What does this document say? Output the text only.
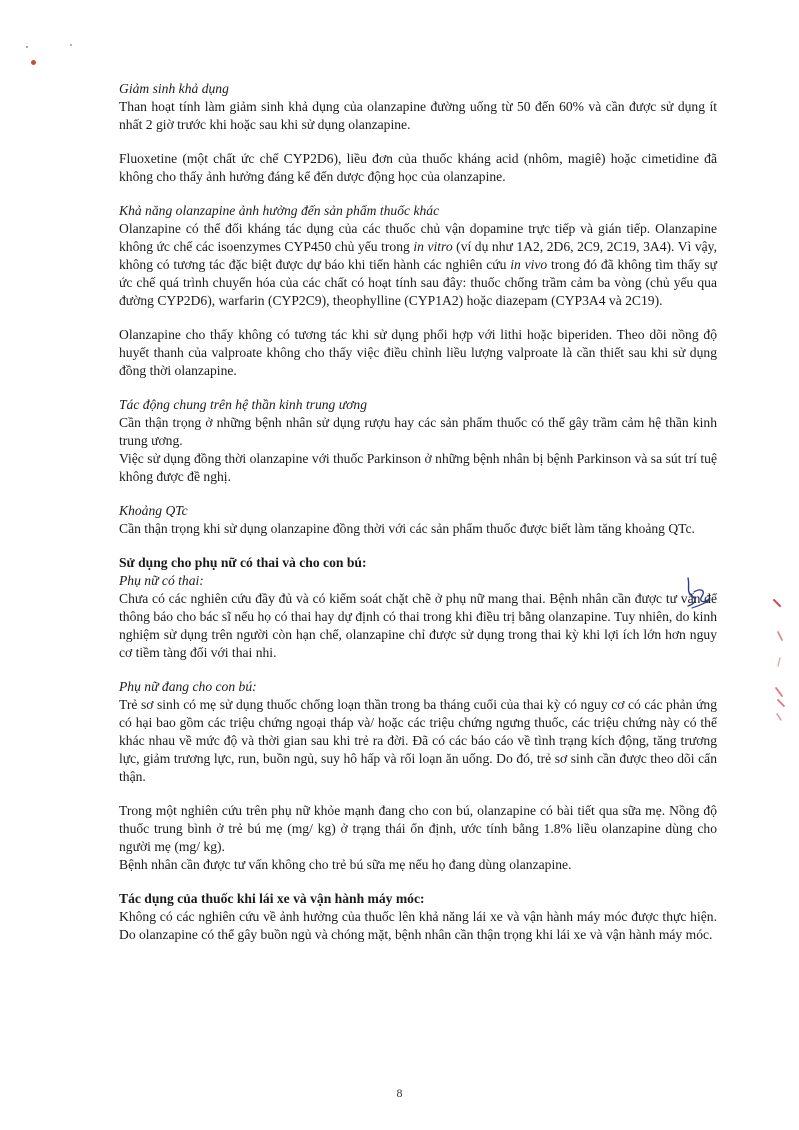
Giảm sinh khả dụng

Than hoạt tính làm giảm sinh khả dụng của olanzapine đường uống từ 50 đến 60% và cần được sử dụng ít nhất 2 giờ trước khi hoặc sau khi sử dụng olanzapine.

Fluoxetine (một chất ức chế CYP2D6), liều đơn của thuốc kháng acid (nhôm, magiê) hoặc cimetidine đã không cho thấy ảnh hưởng đáng kể đến dược động học của olanzapine.

Khả năng olanzapine ảnh hưởng đến sản phẩm thuốc khác

Olanzapine có thể đối kháng tác dụng của các thuốc chủ vận dopamine trực tiếp và gián tiếp. Olanzapine không ức chế các isoenzymes CYP450 chủ yếu trong in vitro (ví dụ như 1A2, 2D6, 2C9, 2C19, 3A4). Vì vậy, không có tương tác đặc biệt được dự báo khi tiến hành các nghiên cứu in vivo trong đó đã không tìm thấy sự ức chế quá trình chuyển hóa của các chất có hoạt tính sau đây: thuốc chống trầm cảm ba vòng (chủ yếu qua đường CYP2D6), warfarin (CYP2C9), theophylline (CYP1A2) hoặc diazepam (CYP3A4 và 2C19).

Olanzapine cho thấy không có tương tác khi sử dụng phối hợp với lithi hoặc biperiden. Theo dõi nồng độ huyết thanh của valproate không cho thấy việc điều chỉnh liều lượng valproate là cần thiết sau khi sử dụng đồng thời olanzapine.

Tác động chung trên hệ thần kinh trung ương

Cần thận trọng ở những bệnh nhân sử dụng rượu hay các sản phẩm thuốc có thể gây trầm cảm hệ thần kinh trung ương.

Việc sử dụng đồng thời olanzapine với thuốc Parkinson ở những bệnh nhân bị bệnh Parkinson và sa sút trí tuệ không được đề nghị.

Khoảng QTc

Cần thận trọng khi sử dụng olanzapine đồng thời với các sản phẩm thuốc được biết làm tăng khoảng QTc.

Sử dụng cho phụ nữ có thai và cho con bú:

Phụ nữ có thai:

Chưa có các nghiên cứu đầy đủ và có kiểm soát chặt chẽ ở phụ nữ mang thai. Bệnh nhân cần được tư vấn để thông báo cho bác sĩ nếu họ có thai hay dự định có thai trong khi điều trị bằng olanzapine. Tuy nhiên, do kinh nghiệm sử dụng trên người còn hạn chế, olanzapine chỉ được sử dụng trong thai kỳ khi lợi ích lớn hơn nguy cơ tiềm tàng đối với thai nhi.

Phụ nữ đang cho con bú:

Trẻ sơ sinh có mẹ sử dụng thuốc chống loạn thần trong ba tháng cuối của thai kỳ có nguy cơ có các phản ứng có hại bao gồm các triệu chứng ngoại tháp và/ hoặc các triệu chứng ngưng thuốc, các triệu chứng này có thể khác nhau về mức độ và thời gian sau khi trẻ ra đời. Đã có các báo cáo về tình trạng kích động, tăng trương lực, giảm trương lực, run, buồn ngủ, suy hô hấp và rối loạn ăn uống. Do đó, trẻ sơ sinh cần được theo dõi cẩn thận.

Trong một nghiên cứu trên phụ nữ khỏe mạnh đang cho con bú, olanzapine có bài tiết qua sữa mẹ. Nồng độ thuốc trung bình ở trẻ bú mẹ (mg/ kg) ở trạng thái ổn định, ước tính bằng 1.8% liều olanzapine dùng cho người mẹ (mg/ kg).

Bệnh nhân cần được tư vấn không cho trẻ bú sữa mẹ nếu họ đang dùng olanzapine.

Tác dụng của thuốc khi lái xe và vận hành máy móc:

Không có các nghiên cứu về ảnh hưởng của thuốc lên khả năng lái xe và vận hành máy móc được thực hiện. Do olanzapine có thể gây buồn ngủ và chóng mặt, bệnh nhân cần thận trọng khi lái xe và vận hành máy móc.

8
